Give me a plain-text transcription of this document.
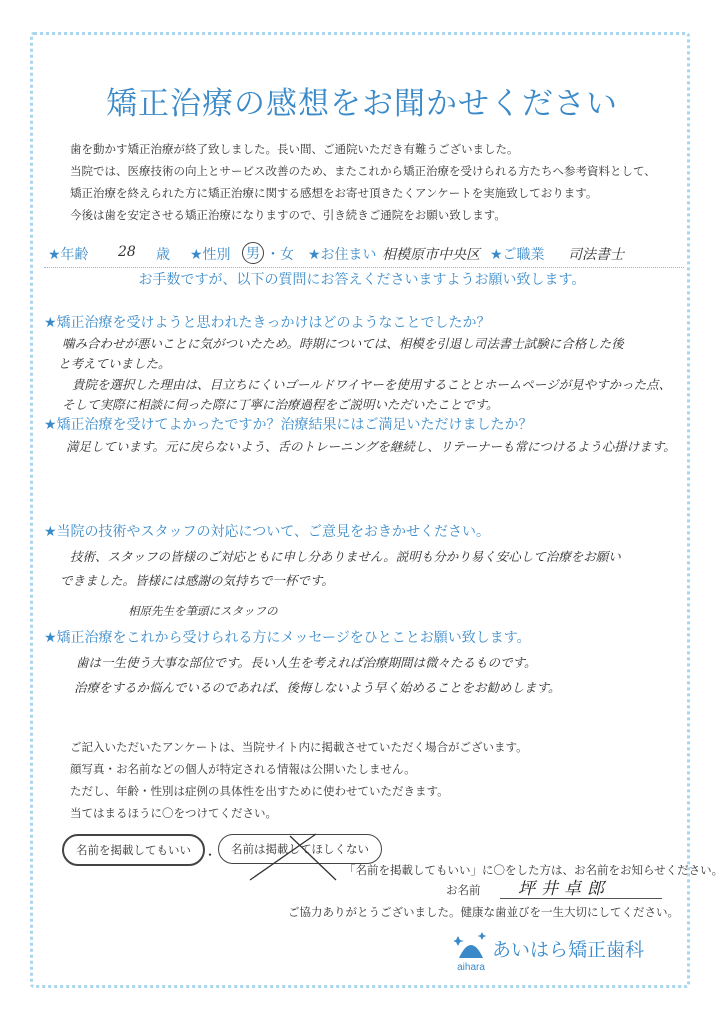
矯正治療の感想をお聞かせください
歯を動かす矯正治療が終了致しました。長い間、ご通院いただき有難うございました。
当院では、医療技術の向上とサービス改善のため、またこれから矯正治療を受けられる方たちへ参考資料として、
矯正治療を終えられた方に矯正治療に関する感想をお寄せ頂きたくアンケートを実施致しております。
今後は歯を安定させる矯正治療になりますので、引き続きご通院をお願い致します。
★年齢 28 歳 ★性別 男 ・ 女 ★お住まい 相模原市中央区 ★ご職業 司法書士
お手数ですが、以下の質問にお答えくださいますようお願い致します。
★矯正治療を受けようと思われたきっかけはどのようなことでしたか？
噛み合わせが悪いことに気がついたため。時期については、相模を引退し司法書士試験に合格した後
と考えていました。
貴院を選択した理由は、目立ちにくいゴールドワイヤーを使用することとホームページが見やすかった点、
そして実際に相談に伺った際に丁寧に治療過程をご説明いただいたことです。
★矯正治療を受けてよかったですか？治療結果にはご満足いただけましたか？
満足しています。元に戻らないよう、舌のトレーニングを継続し、リテーナーも常につけるよう心掛けます。
★当院の技術やスタッフの対応について、ご意見をおきかせください。
技術、スタッフの皆様のご対応ともに申し分ありません。説明も分かり易く安心して治療をお願い
できました。皆様には感謝の気持ちで一杯です。
相原先生を筆頭にスタッフの
★矯正治療をこれから受けられる方にメッセージをひとことお願い致します。
歯は一生使う大事な部位です。長い人生を考えれば治療期間は微々たるものです。
治療をするか悩んでいるのであれば、後悔しないよう早く始めることをお勧めします。
ご記入いただいたアンケートは、当院サイト内に掲載させていただく場合がございます。
顔写真・お名前などの個人が特定される情報は公開いたしません。
ただし、年齢・性別は症例の具体性を出すために使わせていただきます。
当てはまるほうに〇をつけてください。
名前を掲載してもいい	・	名前は掲載してほしくない
「名前を掲載してもいい」に〇をした方は、お名前をお知らせください。
お名前 坪井卓郎
ご協力ありがとうございました。健康な歯並びを一生大切にしてください。
aihara
あいはら矯正歯科
